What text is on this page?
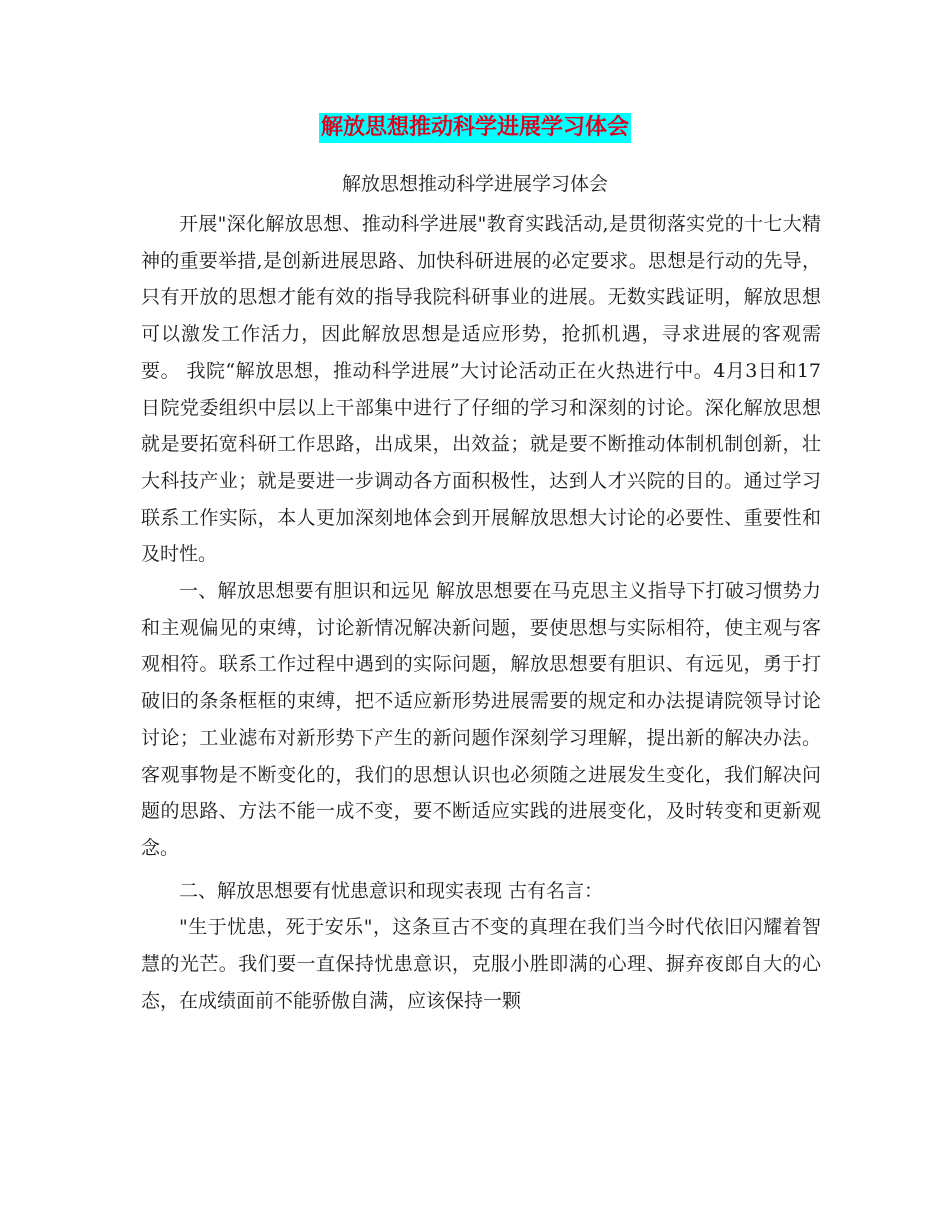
解放思想推动科学进展学习体会
解放思想推动科学进展学习体会

开展"深化解放思想、推动科学进展"教育实践活动,是贯彻落实党的十七大精神的重要举措,是创新进展思路、加快科研进展的必定要求。思想是行动的先导，只有开放的思想才能有效的指导我院科研事业的进展。无数实践证明，解放思想可以激发工作活力，因此解放思想是适应形势，抢抓机遇，寻求进展的客观需要。 我院“解放思想，推动科学进展”大讨论活动正在火热进行中。4月3日和17日院党委组织中层以上干部集中进行了仔细的学习和深刻的讨论。深化解放思想就是要拓宽科研工作思路，出成果，出效益；就是要不断推动体制机制创新，壮大科技产业；就是要进一步调动各方面积极性，达到人才兴院的目的。通过学习联系工作实际，本人更加深刻地体会到开展解放思想大讨论的必要性、重要性和及时性。

一、解放思想要有胆识和远见 解放思想要在马克思主义指导下打破习惯势力和主观偏见的束缚，讨论新情况解决新问题，要使思想与实际相符，使主观与客观相符。联系工作过程中遇到的实际问题，解放思想要有胆识、有远见，勇于打破旧的条条框框的束缚，把不适应新形势进展需要的规定和办法提请院领导讨论讨论；工业滤布对新形势下产生的新问题作深刻学习理解，提出新的解决办法。客观事物是不断变化的，我们的思想认识也必须随之进展发生变化，我们解决问题的思路、方法不能一成不变，要不断适应实践的进展变化，及时转变和更新观念。

二、解放思想要有忧患意识和现实表现 古有名言：

"生于忧患，死于安乐"，这条亘古不变的真理在我们当今时代依旧闪耀着智慧的光芒。我们要一直保持忧患意识，克服小胜即满的心理、摒弃夜郎自大的心态，在成绩面前不能骄傲自满，应该保持一颗
